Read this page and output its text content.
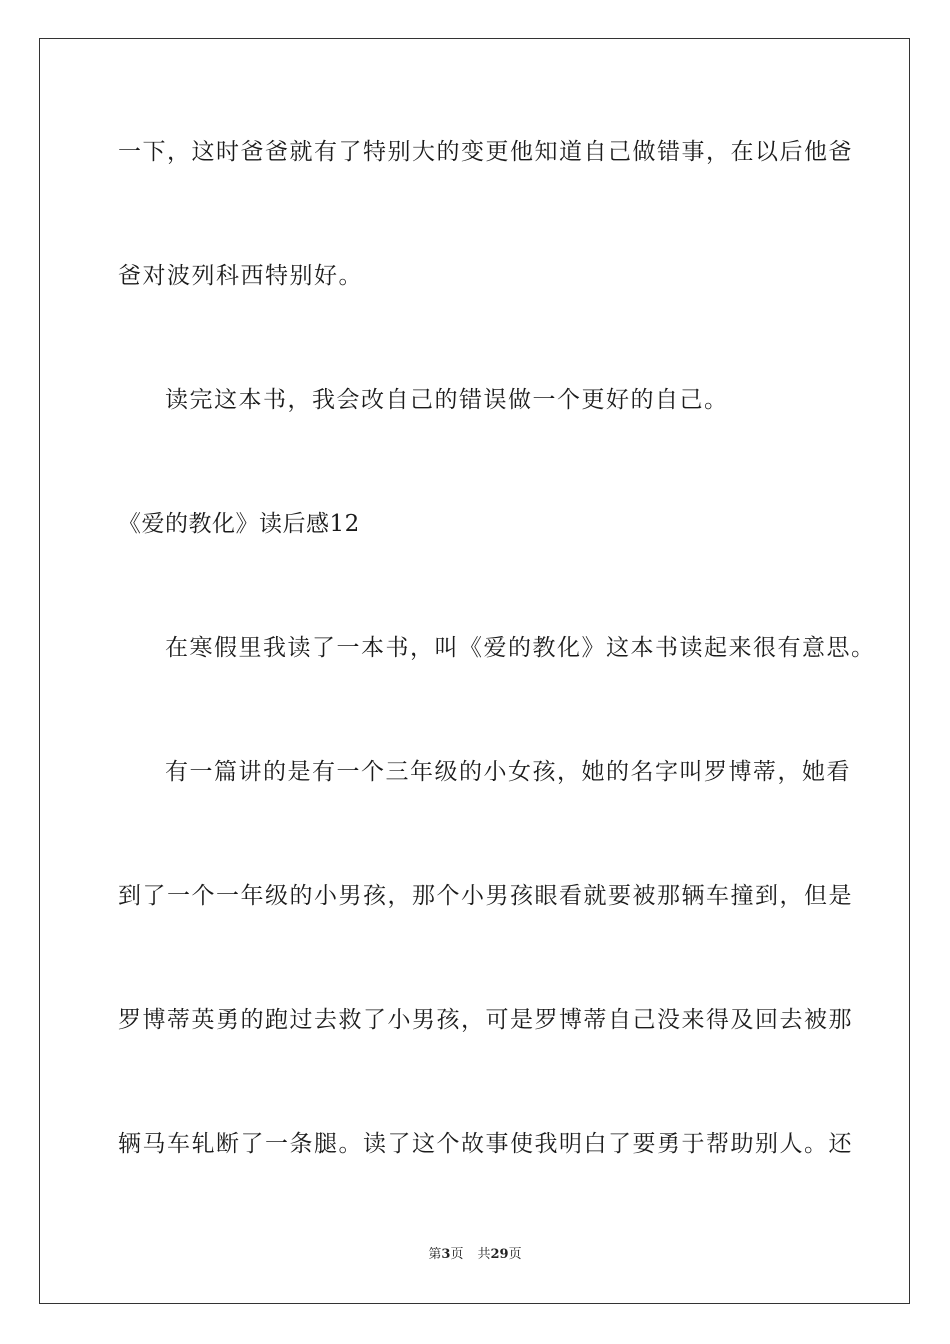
一下，这时爸爸就有了特别大的变更他知道自己做错事，在以后他爸
爸对波列科西特别好。
读完这本书，我会改自己的错误做一个更好的自己。
《爱的教化》读后感12
在寒假里我读了一本书，叫《爱的教化》这本书读起来很有意思。
有一篇讲的是有一个三年级的小女孩，她的名字叫罗博蒂，她看
到了一个一年级的小男孩，那个小男孩眼看就要被那辆车撞到，但是
罗博蒂英勇的跑过去救了小男孩，可是罗博蒂自己没来得及回去被那
辆马车轧断了一条腿。读了这个故事使我明白了要勇于帮助别人。还
第3页 共29页
